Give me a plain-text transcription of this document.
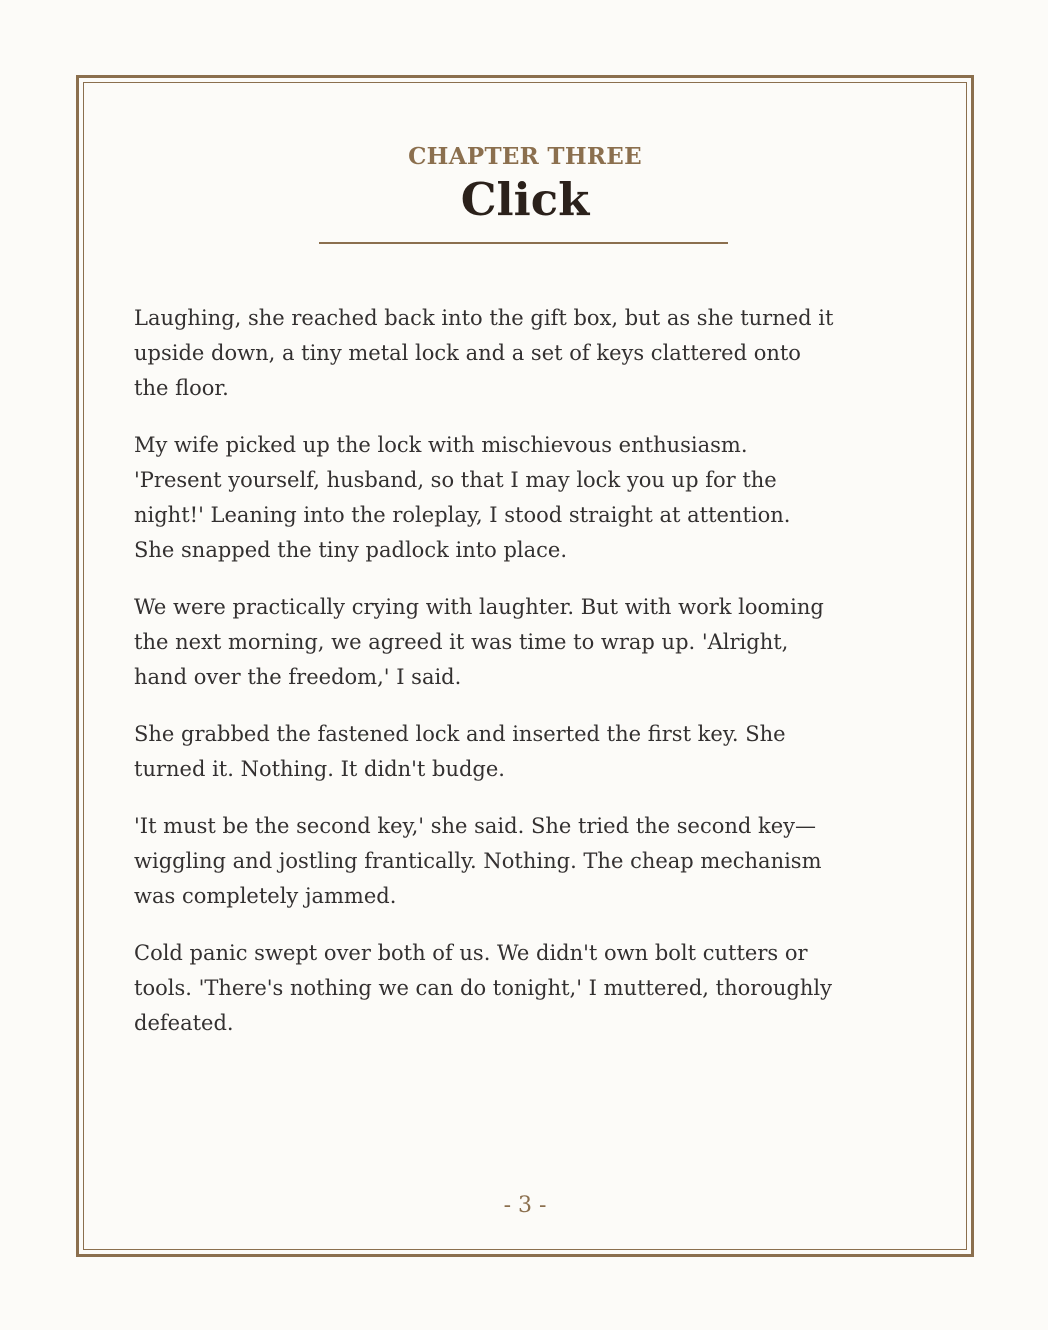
CHAPTER THREE
Click

Laughing, she reached back into the gift box, but as she turned it upside down, a tiny metal lock and a set of keys clattered onto the floor.

My wife picked up the lock with mischievous enthusiasm. 'Present yourself, husband, so that I may lock you up for the night!' Leaning into the roleplay, I stood straight at attention. She snapped the tiny padlock into place.

We were practically crying with laughter. But with work looming the next morning, we agreed it was time to wrap up. 'Alright, hand over the freedom,' I said.

She grabbed the fastened lock and inserted the first key. She turned it. Nothing. It didn't budge.

'It must be the second key,' she said. She tried the second key—wiggling and jostling frantically. Nothing. The cheap mechanism was completely jammed.

Cold panic swept over both of us. We didn't own bolt cutters or tools. 'There's nothing we can do tonight,' I muttered, thoroughly defeated.

- 3 -
